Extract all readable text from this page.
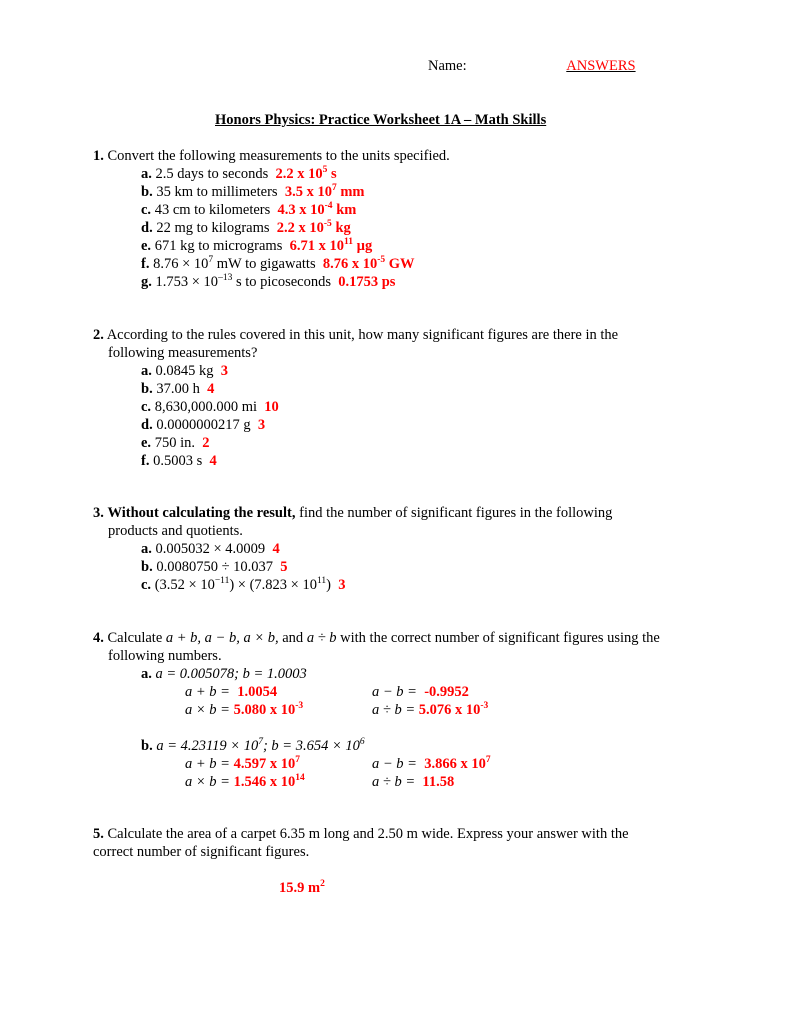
Name:	ANSWERS
Honors Physics: Practice Worksheet 1A – Math Skills
1. Convert the following measurements to the units specified.
a. 2.5 days to seconds 2.2 x $10^5$ s
b. 35 km to millimeters 3.5 x $10^7$ mm
c. 43 cm to kilometers 4.3 x $10^{-4}$ km
d. 22 mg to kilograms 2.2 x $10^{-5}$ kg
e. 671 kg to micrograms 6.71 x $10^{11}$ µg
f. $8.76 \times 10^7$ mW to gigawatts 8.76 x $10^{-5}$ GW
g. $1.753 \times 10^{-13}$ s to picoseconds 0.1753 ps
2. According to the rules covered in this unit, how many significant figures are there in the
following measurements?
a. 0.0845 kg 3
b. 37.00 h 4
c. 8,630,000.000 mi 10
d. 0.0000000217 g 3
e. 750 in. 2
f. 0.5003 s 4
3. Without calculating the result, find the number of significant figures in the following
products and quotients.
a. 0.005032 × 4.0009 4
b. 0.0080750 ÷ 10.037 5
c. $(3.52 \times 10^{-11}) \times (7.823 \times 10^{11})$ 3
4. Calculate a + b, a − b, a × b, and a ÷ b with the correct number of significant figures using the
following numbers.
a. a = 0.005078; b = 1.0003
a + b = 1.0054	a − b = -0.9952
a × b = 5.080 x $10^{-3}$	a ÷ b = 5.076 x $10^{-3}$
b. $a = 4.23119 \times 10^7$; $b = 3.654 \times 10^6$
a + b = 4.597 x $10^7$	a − b = 3.866 x $10^7$
a × b = 1.546 x $10^{14}$	a ÷ b = 11.58
5. Calculate the area of a carpet 6.35 m long and 2.50 m wide. Express your answer with the
correct number of significant figures.
15.9 $m^2$
